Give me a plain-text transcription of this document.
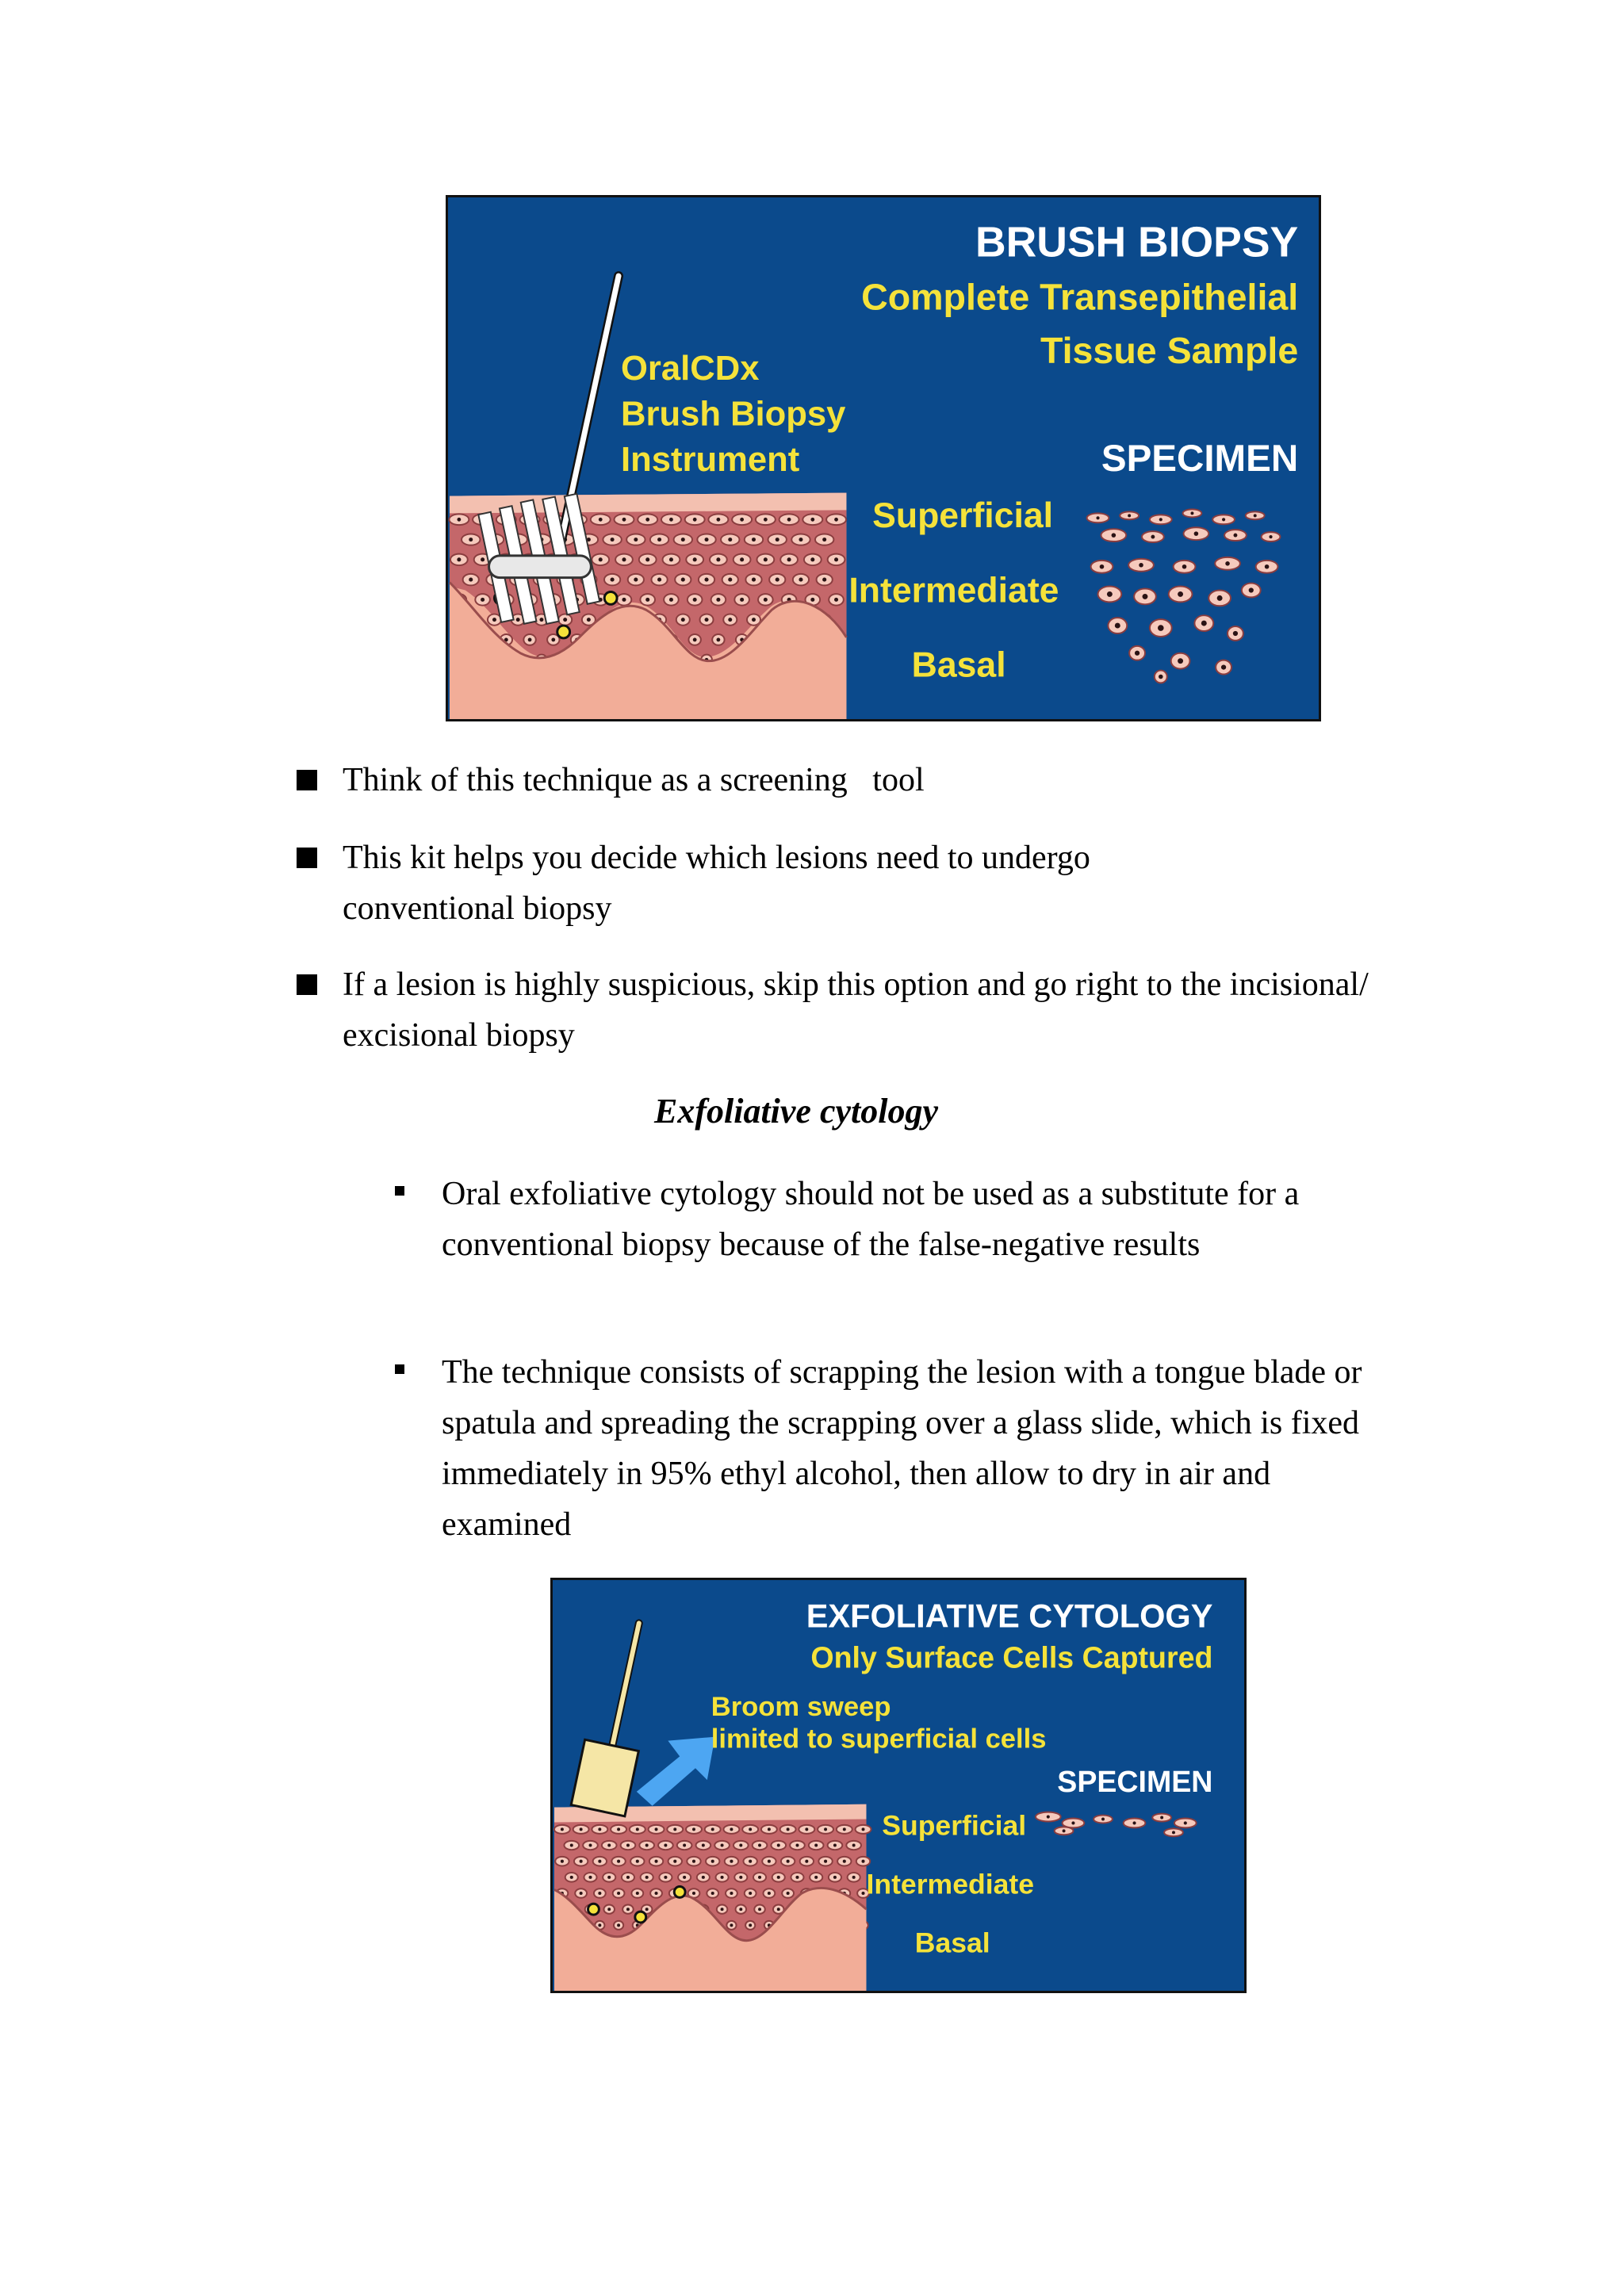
BRUSH BIOPSY
Complete Transepithelial
Tissue Sample
OralCDx
Brush Biopsy
Instrument	SPECIMEN
Superficial
Intermediate
Basal
Think of this technique as a screening   tool
This kit helps you decide which lesions need to undergo conventional biopsy
If a lesion is highly suspicious, skip this option and go right to the incisional/ excisional biopsy
Exfoliative cytology
Oral exfoliative cytology should not be used as a substitute for a conventional biopsy because of the false-negative results
The technique consists of scrapping the lesion with a tongue blade or spatula and spreading the scrapping over a glass slide, which is fixed immediately in 95% ethyl alcohol, then allow to dry in air and examined
EXFOLIATIVE CYTOLOGY
Only Surface Cells Captured
Broom sweep
limited to superficial cells
SPECIMEN
Superficial
Intermediate
Basal
